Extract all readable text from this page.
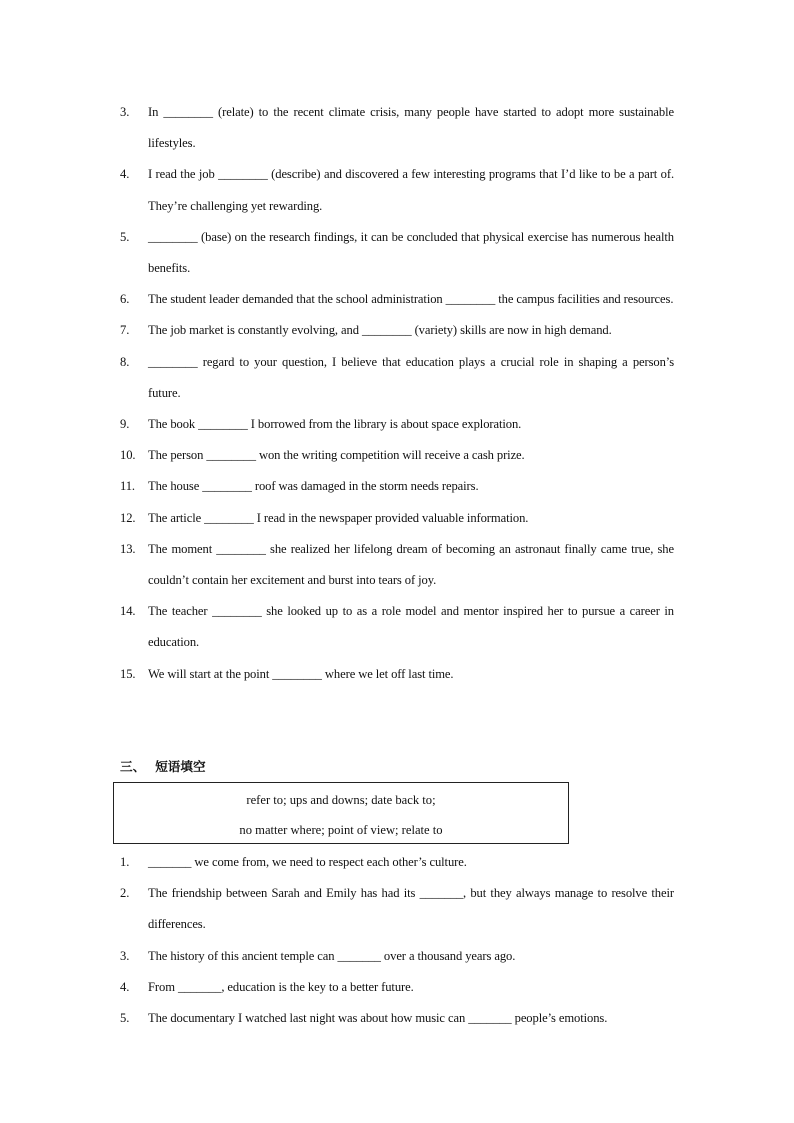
3.	In ________ (relate) to the recent climate crisis, many people have started to adopt more sustainable lifestyles.
4.	I read the job ________ (describe) and discovered a few interesting programs that I’d like to be a part of. They’re challenging yet rewarding.
5.	________ (base) on the research findings, it can be concluded that physical exercise has numerous health benefits.
6.	The student leader demanded that the school administration ________ the campus facilities and resources.
7.	The job market is constantly evolving, and ________ (variety) skills are now in high demand.
8.	________ regard to your question, I believe that education plays a crucial role in shaping a person’s future.
9.	The book ________ I borrowed from the library is about space exploration.
10. The person ________ won the writing competition will receive a cash prize.
11.	The house ________ roof was damaged in the storm needs repairs.
12. The article ________ I read in the newspaper provided valuable information.
13. The moment ________ she realized her lifelong dream of becoming an astronaut finally came true, she couldn’t contain her excitement and burst into tears of joy.
14. The teacher ________ she looked up to as a role model and mentor inspired her to pursue a career in education.
15. We will start at the point ________ where we let off last time.
三、 短语填空
refer to; ups and downs; date back to;
no matter where; point of view; relate to
1.	_______ we come from, we need to respect each other’s culture.
2.	The friendship between Sarah and Emily has had its _______, but they always manage to resolve their differences.
3.	The history of this ancient temple can _______ over a thousand years ago.
4.	From _______, education is the key to a better future.
5.	The documentary I watched last night was about how music can _______ people’s emotions.
